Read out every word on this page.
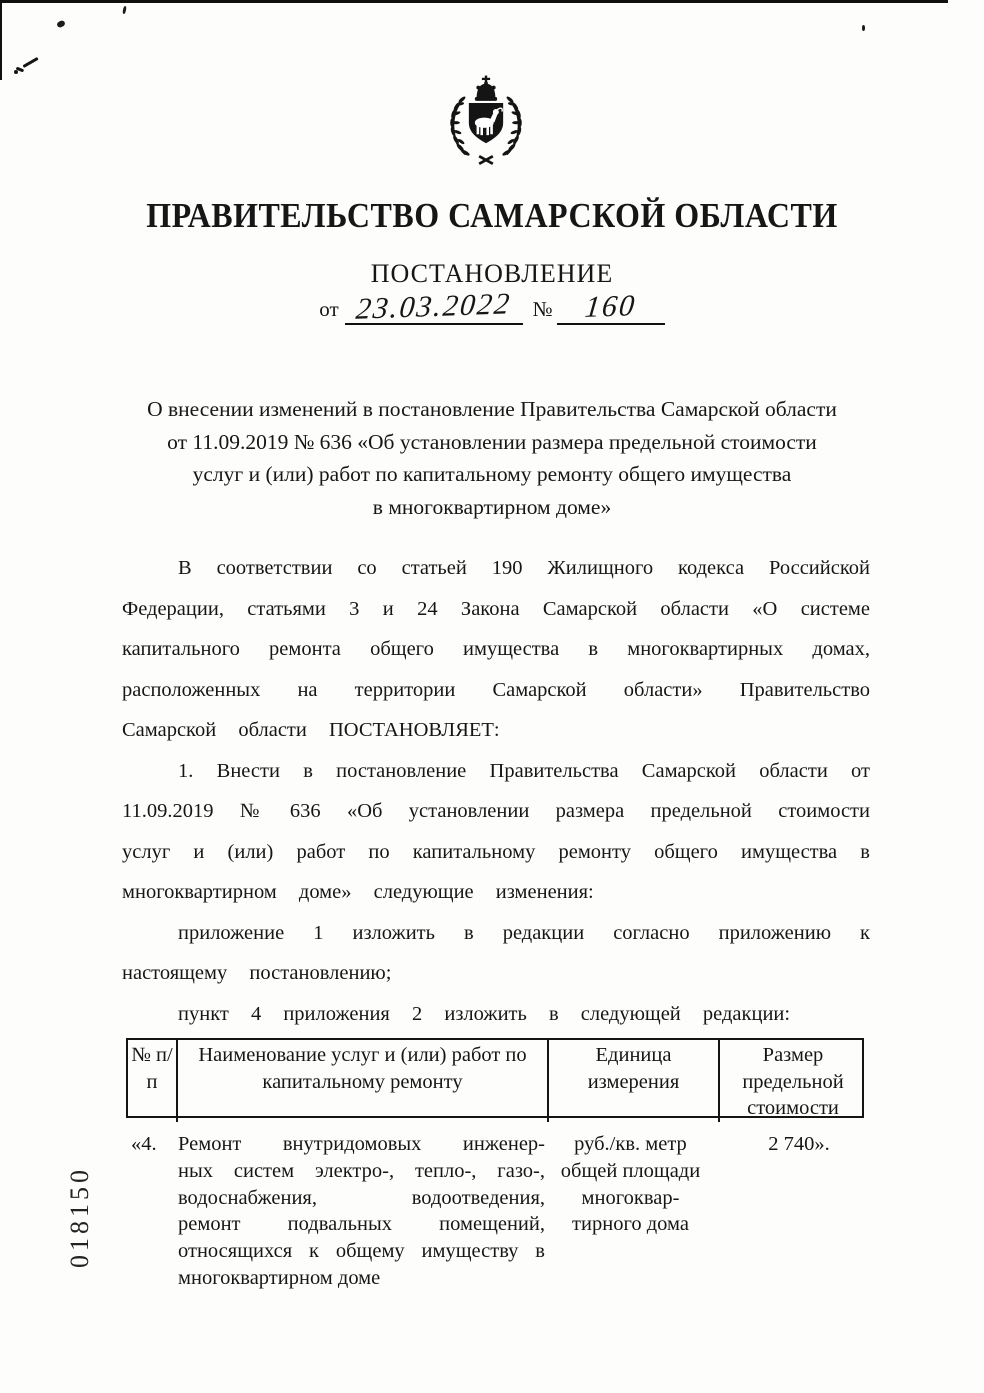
ПРАВИТЕЛЬСТВО САМАРСКОЙ ОБЛАСТИ
ПОСТАНОВЛЕНИЕ
от 23.03.2022 №	160
О внесении изменений в постановление Правительства Самарской области
от 11.09.2019 № 636 «Об установлении размера предельной стоимости
услуг и (или) работ по капитальному ремонту общего имущества
в многоквартирном доме»

В соответствии со статьей 190 Жилищного кодекса Российской Федерации, статьями 3 и 24 Закона Самарской области «О системе капитального ремонта общего имущества в многоквартирных домах, расположенных на территории Самарской области» Правительство Самарской области ПОСТАНОВЛЯЕТ:

1. Внести в постановление Правительства Самарской области от 11.09.2019 № 636 «Об установлении размера предельной стоимости услуг и (или) работ по капитальному ремонту общего имущества в многоквартирном доме» следующие изменения:

приложение 1 изложить в редакции согласно приложению к настоящему постановлению;

пункт 4 приложения 2 изложить в следующей редакции:

№ п/п
Наименование услуг и (или) работ по капитальному ремонту
Единица измерения
Размер предельной стоимости
«4.	Ремонт внутридомовых инженер-
ных систем электро-, тепло-, газо-,
водоснабжения, водоотведения,
ремонт подвальных помещений,
относящихся к общему имуществу в
многоквартирном доме
руб./кв. метр
общей площади
многоквар-
тирного дома
2 740».
018150
